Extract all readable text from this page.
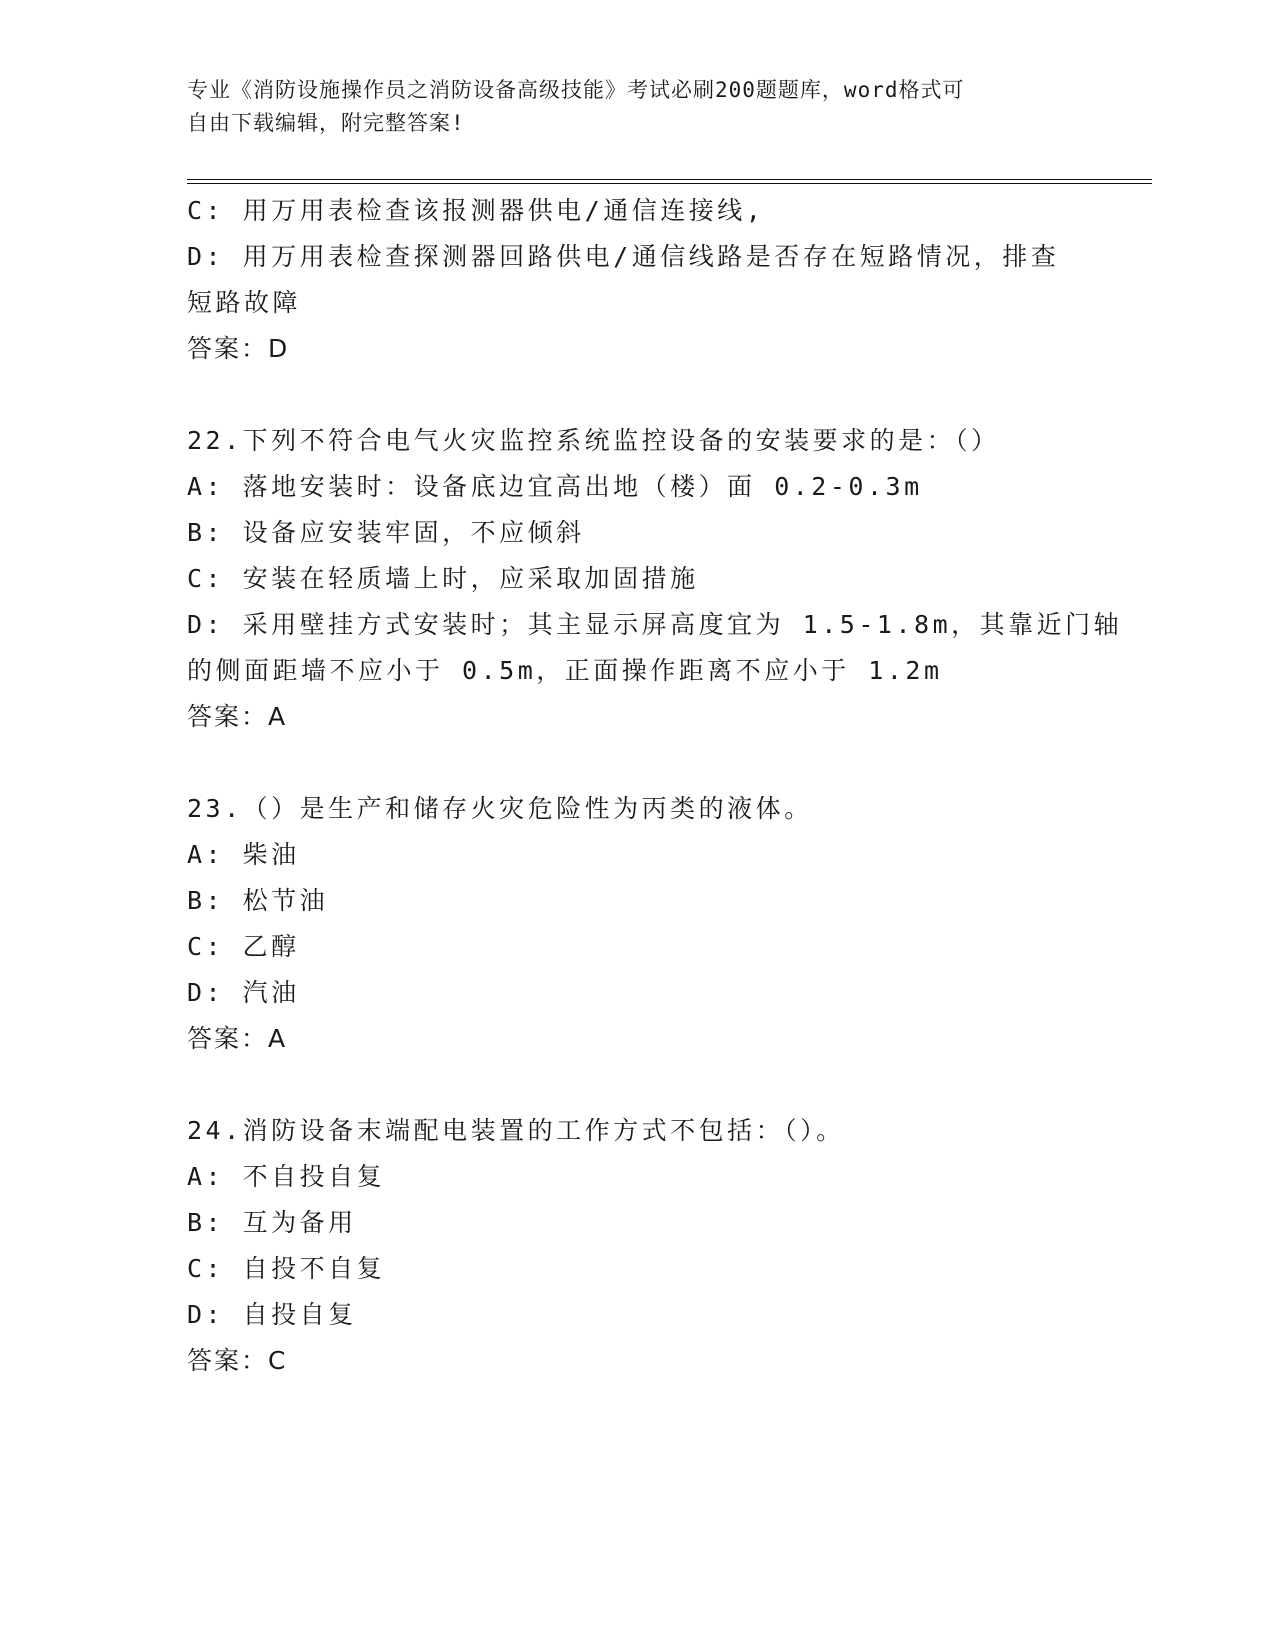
专业《消防设施操作员之消防设备高级技能》考试必刷200题题库，word格式可
自由下载编辑，附完整答案!
C: 用万用表检查该报测器供电/通信连接线,
D: 用万用表检查探测器回路供电/通信线路是否存在短路情况，排查
短路故障
答案：D
22.下列不符合电气火灾监控系统监控设备的安装要求的是：（）
A: 落地安装时：设备底边宜高出地（楼）面 0.2-0.3m
B: 设备应安装牢固，不应倾斜
C: 安装在轻质墙上时，应采取加固措施
D: 采用壁挂方式安装时；其主显示屏高度宜为 1.5-1.8m，其靠近门轴
的侧面距墙不应小于 0.5m，正面操作距离不应小于 1.2m
答案：A
23.（）是生产和储存火灾危险性为丙类的液体。
A: 柴油
B: 松节油
C: 乙醇
D: 汽油
答案：A
24.消防设备末端配电装置的工作方式不包括：（）。
A: 不自投自复
B: 互为备用
C: 自投不自复
D: 自投自复
答案：C
